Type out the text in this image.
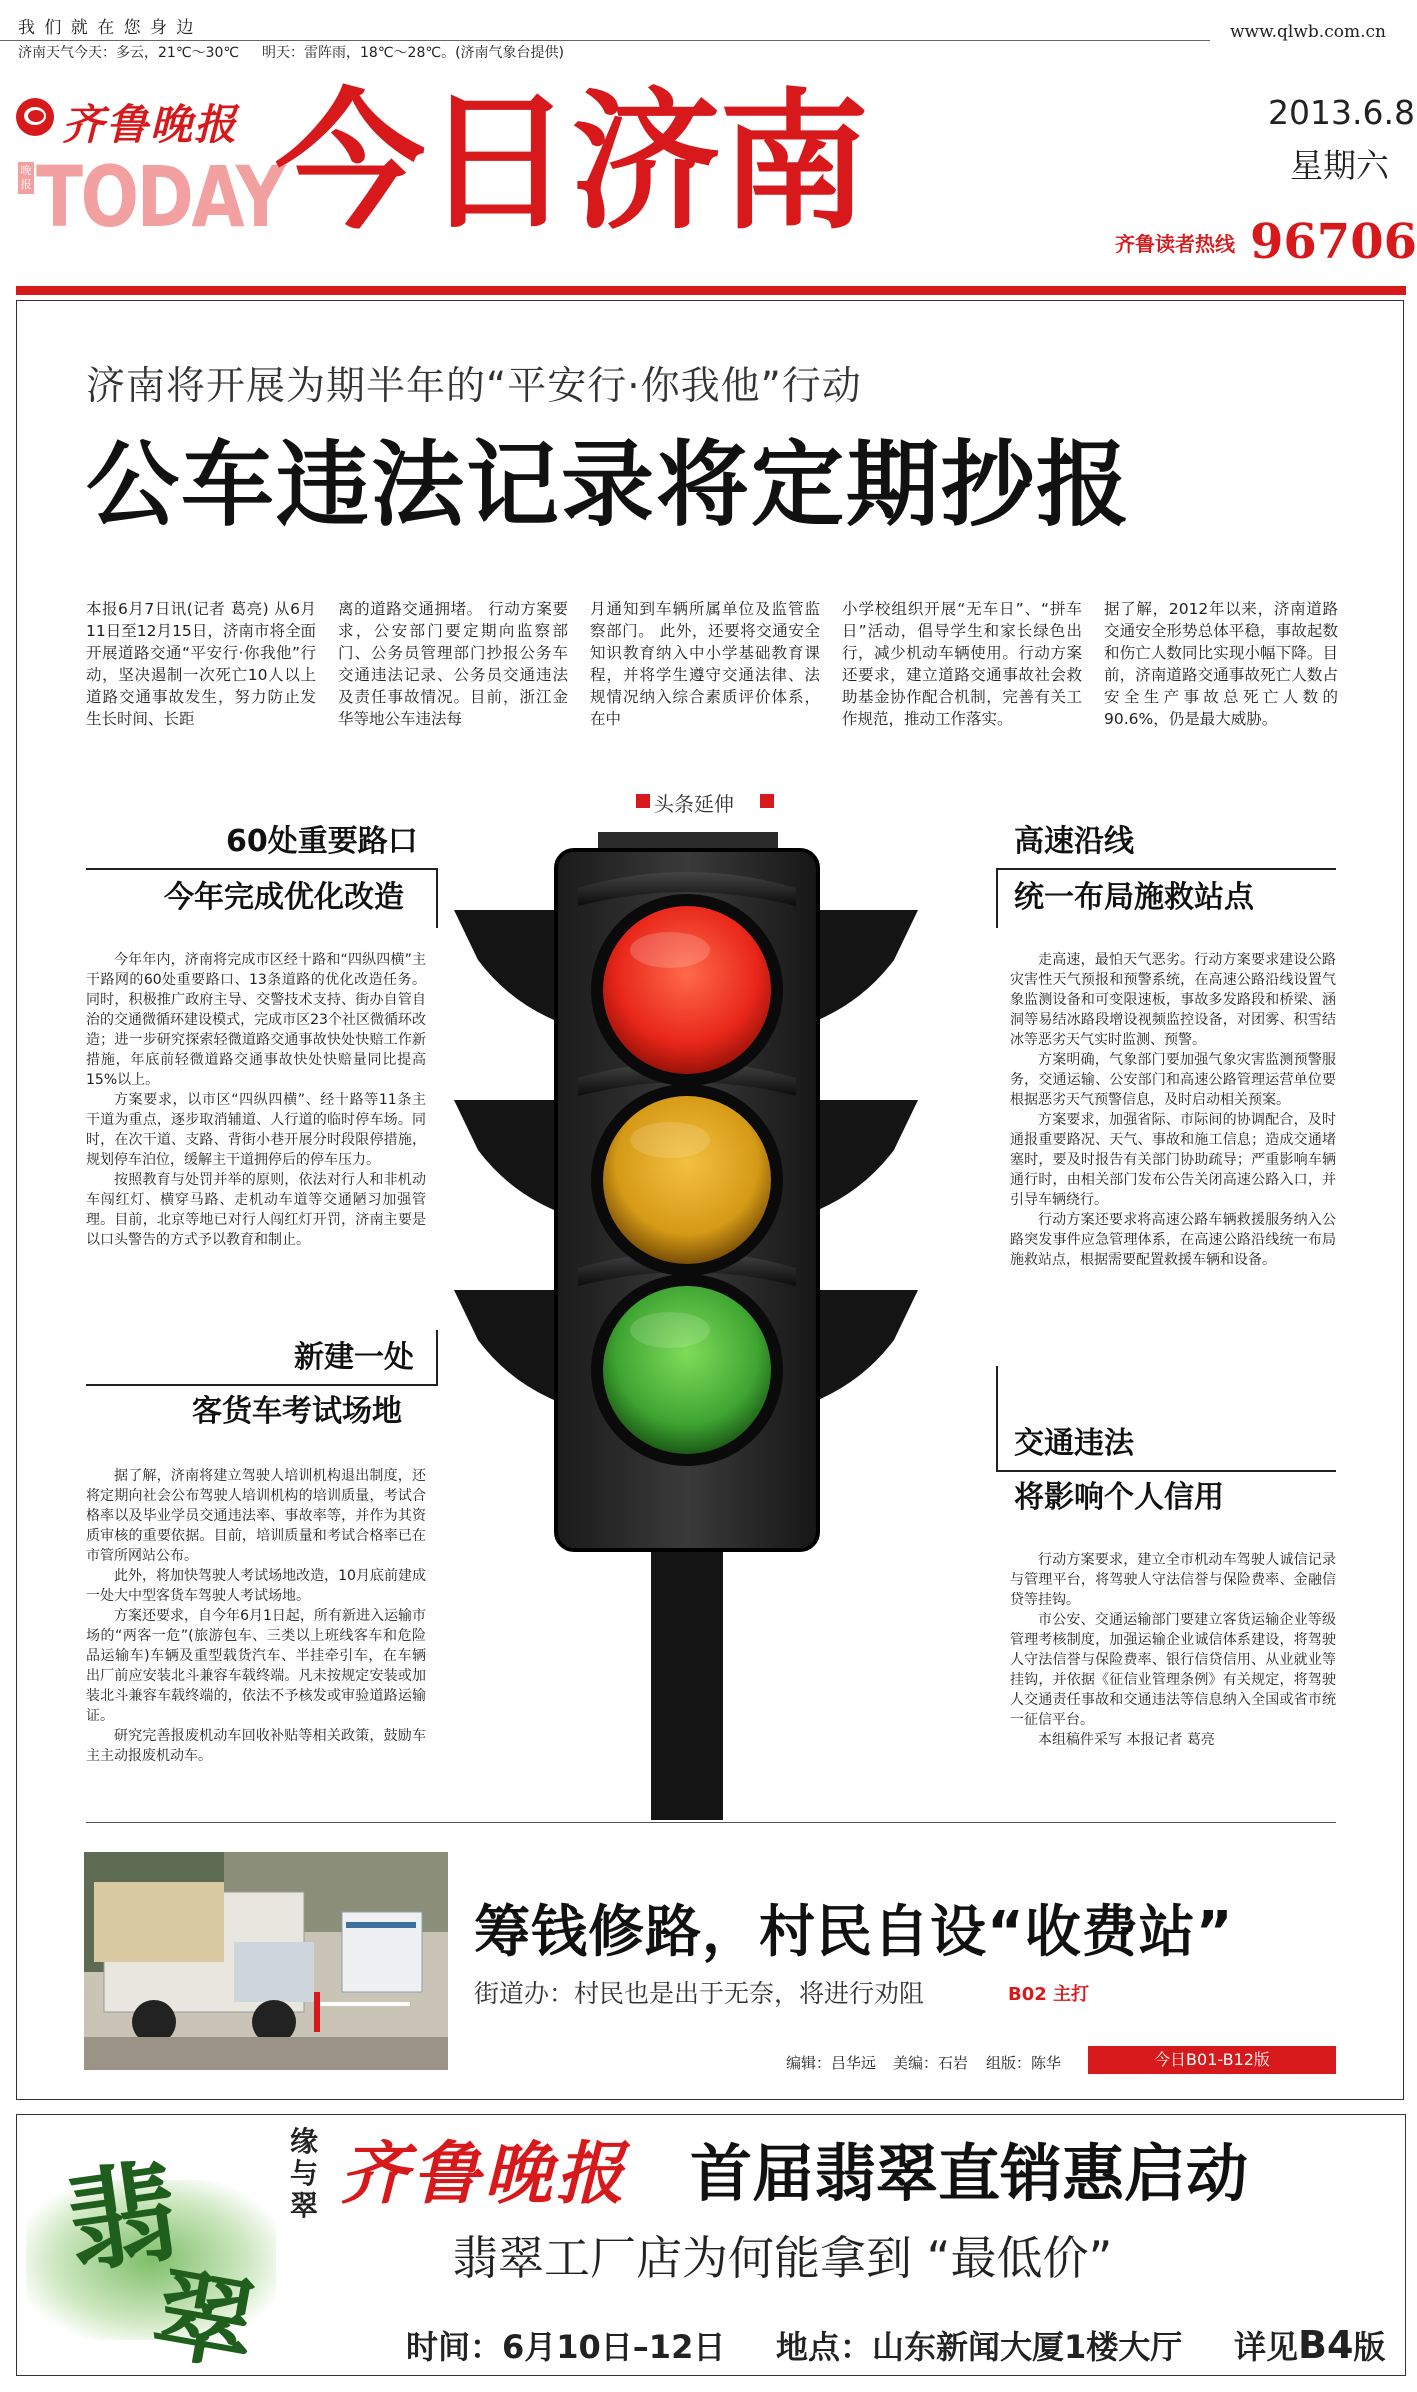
我 们 就 在 您 身 边
济南天气今天：多云，21℃～30℃ 明天：雷阵雨，18℃～28℃。(济南气象台提供)
www.qlwb.com.cn
齐鲁晚报
晚报 TODAY
今日济南	2013.6.8
星期六
齐鲁读者热线 96706
济南将开展为期半年的“平安行·你我他”行动
公车违法记录将定期抄报
本报6月7日讯(记者 葛亮) 从6月11日至12月15日，济南市将全面开展道路交通“平安行·你我他”行动，坚决遏制一次死亡10人以上道路交通事故发生，努力防止发生长时间、长距
离的道路交通拥堵。 行动方案要求，公安部门要定期向监察部门、公务员管理部门抄报公务车交通违法记录、公务员交通违法及责任事故情况。目前，浙江金华等地公车违法每
月通知到车辆所属单位及监管监察部门。 此外，还要将交通安全知识教育纳入中小学基础教育课程，并将学生遵守交通法律、法规情况纳入综合素质评价体系，在中
小学校组织开展“无车日”、“拼车日”活动，倡导学生和家长绿色出行，减少机动车辆使用。行动方案还要求，建立道路交通事故社会救助基金协作配合机制，完善有关工作规范，推动工作落实。
据了解，2012年以来，济南道路交通安全形势总体平稳，事故起数和伤亡人数同比实现小幅下降。目前，济南道路交通事故死亡人数占安全生产事故总死亡人数的90.6%，仍是最大威胁。
头条延伸
60处重要路口
今年完成优化改造

今年年内，济南将完成市区经十路和“四纵四横”主干路网的60处重要路口、13条道路的优化改造任务。同时，积极推广政府主导、交警技术支持、街办自管自治的交通微循环建设模式，完成市区23个社区微循环改造；进一步研究探索轻微道路交通事故快处快赔工作新措施，年底前轻微道路交通事故快处快赔量同比提高15%以上。

方案要求，以市区“四纵四横”、经十路等11条主干道为重点，逐步取消辅道、人行道的临时停车场。同时，在次干道、支路、背街小巷开展分时段限停措施，规划停车泊位，缓解主干道拥停后的停车压力。

按照教育与处罚并举的原则，依法对行人和非机动车闯红灯、横穿马路、走机动车道等交通陋习加强管理。目前，北京等地已对行人闯红灯开罚，济南主要是以口头警告的方式予以教育和制止。

新建一处
客货车考试场地

据了解，济南将建立驾驶人培训机构退出制度，还将定期向社会公布驾驶人培训机构的培训质量，考试合格率以及毕业学员交通违法率、事故率等，并作为其资质审核的重要依据。目前，培训质量和考试合格率已在市管所网站公布。

此外，将加快驾驶人考试场地改造，10月底前建成一处大中型客货车驾驶人考试场地。

方案还要求，自今年6月1日起，所有新进入运输市场的“两客一危”(旅游包车、三类以上班线客车和危险品运输车)车辆及重型载货汽车、半挂牵引车，在车辆出厂前应安装北斗兼容车载终端。凡未按规定安装或加装北斗兼容车载终端的，依法不予核发或审验道路运输证。

研究完善报废机动车回收补贴等相关政策，鼓励车主主动报废机动车。

高速沿线
统一布局施救站点

走高速，最怕天气恶劣。行动方案要求建设公路灾害性天气预报和预警系统，在高速公路沿线设置气象监测设备和可变限速板，事故多发路段和桥梁、涵洞等易结冰路段增设视频监控设备，对团雾、积雪结冰等恶劣天气实时监测、预警。

方案明确，气象部门要加强气象灾害监测预警服务，交通运输、公安部门和高速公路管理运营单位要根据恶劣天气预警信息，及时启动相关预案。

方案要求，加强省际、市际间的协调配合，及时通报重要路况、天气、事故和施工信息；造成交通堵塞时，要及时报告有关部门协助疏导；严重影响车辆通行时，由相关部门发布公告关闭高速公路入口，并引导车辆绕行。

行动方案还要求将高速公路车辆救援服务纳入公路突发事件应急管理体系，在高速公路沿线统一布局施救站点，根据需要配置救援车辆和设备。

交通违法
将影响个人信用

行动方案要求，建立全市机动车驾驶人诚信记录与管理平台，将驾驶人守法信誉与保险费率、金融信贷等挂钩。

市公安、交通运输部门要建立客货运输企业等级管理考核制度，加强运输企业诚信体系建设，将驾驶人守法信誉与保险费率、银行信贷信用、从业就业等挂钩，并依据《征信业管理条例》有关规定，将驾驶人交通责任事故和交通违法等信息纳入全国或省市统一征信平台。

本组稿件采写 本报记者 葛亮

筹钱修路，村民自设“收费站”
街道办：村民也是出于无奈，将进行劝阻	B02 主打
编辑：吕华远 美编：石岩 组版：陈华	今日B01-B12版
翡
翠
缘与翠 齐鲁晚报 首届翡翠直销惠启动
翡翠工厂店为何能拿到 “最低价”
时间：6月10日–12日 地点：山东新闻大厦1楼大厅 详见B4版
